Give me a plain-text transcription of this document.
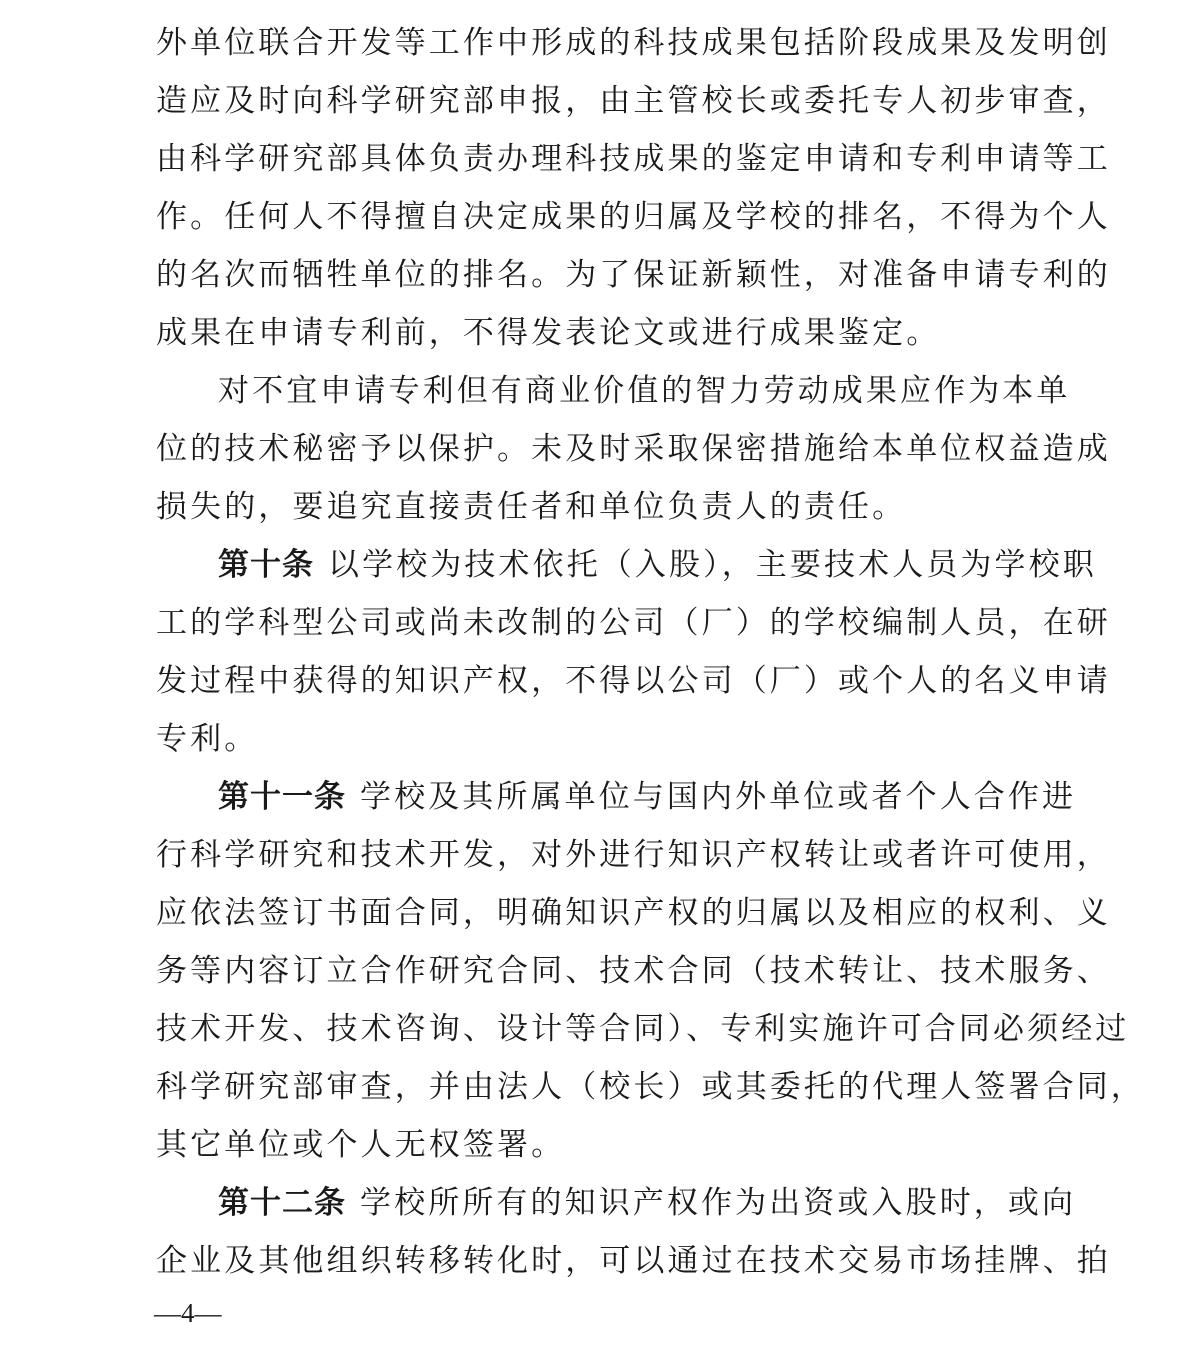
外单位联合开发等工作中形成的科技成果包括阶段成果及发明创
造应及时向科学研究部申报，由主管校长或委托专人初步审查，
由科学研究部具体负责办理科技成果的鉴定申请和专利申请等工
作。任何人不得擅自决定成果的归属及学校的排名，不得为个人
的名次而牺牲单位的排名。为了保证新颖性，对准备申请专利的
成果在申请专利前，不得发表论文或进行成果鉴定。
对不宜申请专利但有商业价值的智力劳动成果应作为本单
位的技术秘密予以保护。未及时采取保密措施给本单位权益造成
损失的，要追究直接责任者和单位负责人的责任。
第十条 以学校为技术依托（入股），主要技术人员为学校职
工的学科型公司或尚未改制的公司（厂）的学校编制人员，在研
发过程中获得的知识产权，不得以公司（厂）或个人的名义申请
专利。
第十一条 学校及其所属单位与国内外单位或者个人合作进
行科学研究和技术开发，对外进行知识产权转让或者许可使用，
应依法签订书面合同，明确知识产权的归属以及相应的权利、义
务等内容订立合作研究合同、技术合同（技术转让、技术服务、
技术开发、技术咨询、设计等合同）、专利实施许可合同必须经过
科学研究部审查，并由法人（校长）或其委托的代理人签署合同，
其它单位或个人无权签署。
第十二条 学校所所有的知识产权作为出资或入股时，或向
企业及其他组织转移转化时，可以通过在技术交易市场挂牌、拍
—4—
